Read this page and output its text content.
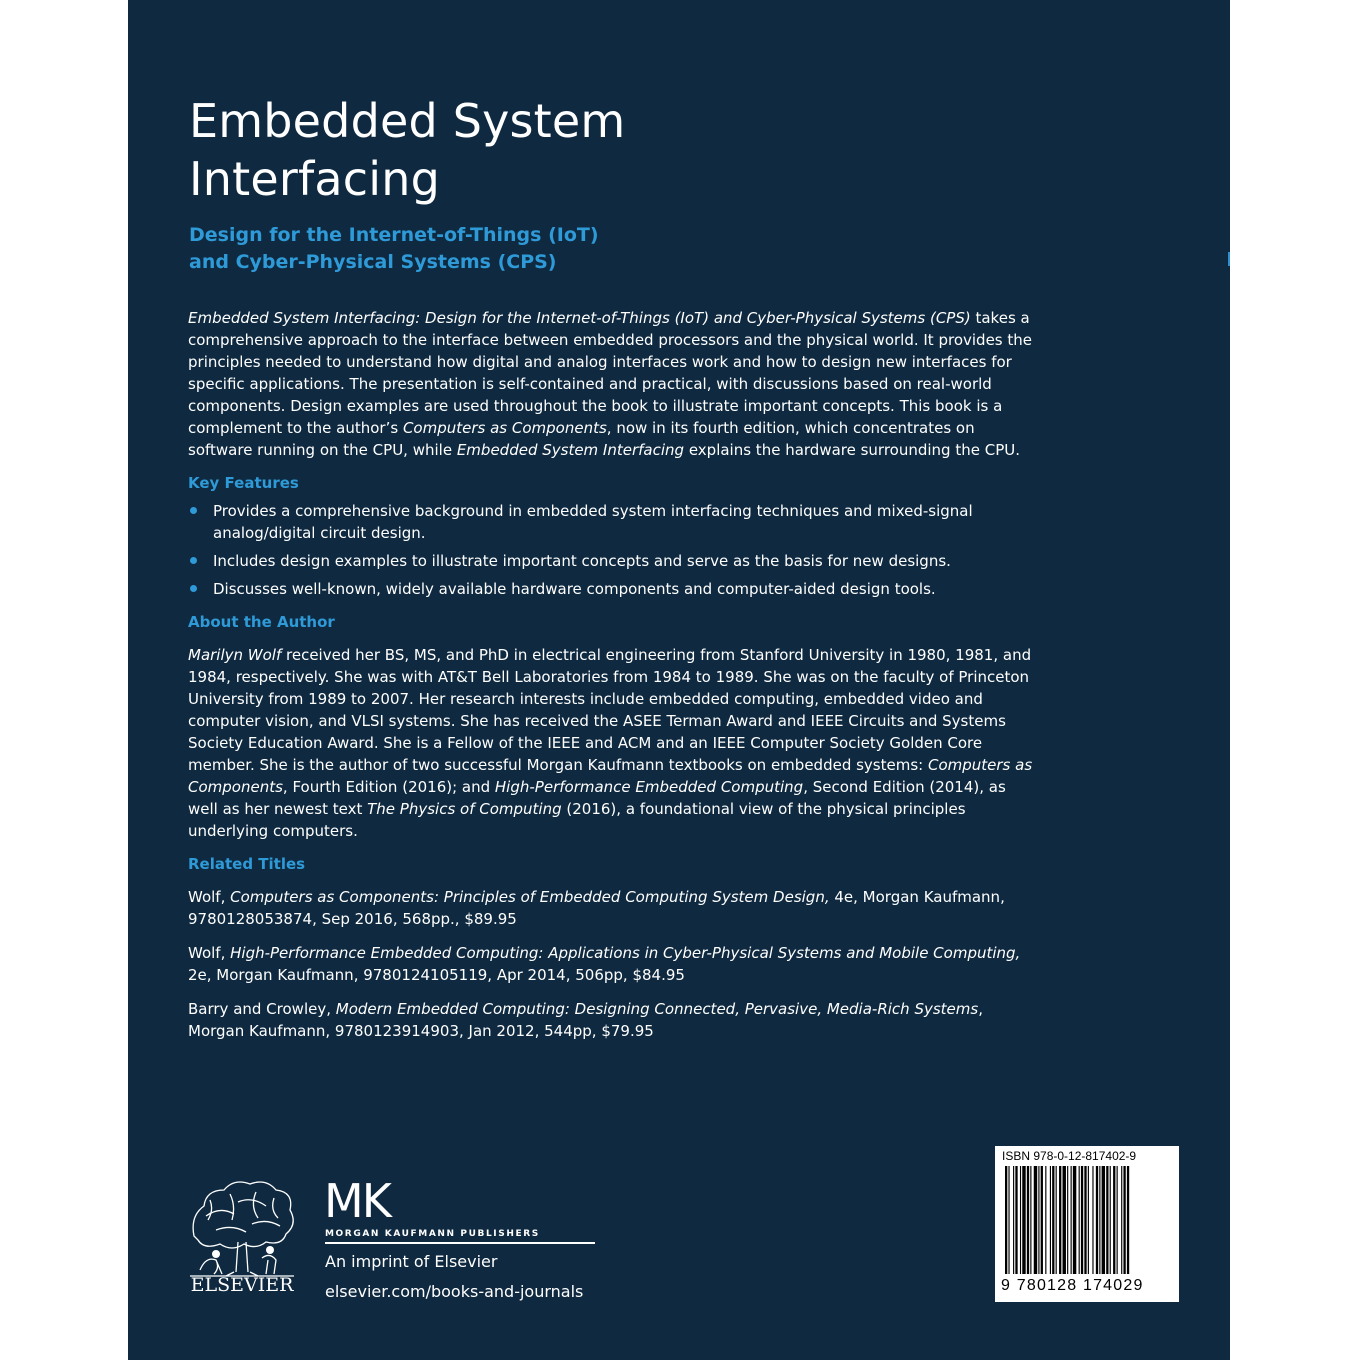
Embedded System
Interfacing
Design for the Internet-of-Things (IoT)
and Cyber-Physical Systems (CPS)

Embedded System Interfacing: Design for the Internet-of-Things (IoT) and Cyber-Physical Systems (CPS) takes a comprehensive approach to the interface between embedded processors and the physical world. It provides the principles needed to understand how digital and analog interfaces work and how to design new interfaces for specific applications. The presentation is self-contained and practical, with discussions based on real-world components. Design examples are used throughout the book to illustrate important concepts. This book is a complement to the author’s Computers as Components, now in its fourth edition, which concentrates on software running on the CPU, while Embedded System Interfacing explains the hardware surrounding the CPU.

Key Features

Provides a comprehensive background in embedded system interfacing techniques and mixed-signal analog/digital circuit design.
Includes design examples to illustrate important concepts and serve as the basis for new designs.
Discusses well-known, widely available hardware components and computer-aided design tools.

About the Author

Marilyn Wolf received her BS, MS, and PhD in electrical engineering from Stanford University in 1980, 1981, and 1984, respectively. She was with AT&T Bell Laboratories from 1984 to 1989. She was on the faculty of Princeton University from 1989 to 2007. Her research interests include embedded computing, embedded video and computer vision, and VLSI systems. She has received the ASEE Terman Award and IEEE Circuits and Systems Society Education Award. She is a Fellow of the IEEE and ACM and an IEEE Computer Society Golden Core member. She is the author of two successful Morgan Kaufmann textbooks on embedded systems: Computers as Components, Fourth Edition (2016); and High-Performance Embedded Computing, Second Edition (2014), as well as her newest text The Physics of Computing (2016), a foundational view of the physical principles underlying computers.

Related Titles

Wolf, Computers as Components: Principles of Embedded Computing System Design, 4e, Morgan Kaufmann, 9780128053874, Sep 2016, 568pp., $89.95

Wolf, High-Performance Embedded Computing: Applications in Cyber-Physical Systems and Mobile Computing, 2e, Morgan Kaufmann, 9780124105119, Apr 2014, 506pp, $84.95

Barry and Crowley, Modern Embedded Computing: Designing Connected, Pervasive, Media-Rich Systems, Morgan Kaufmann, 9780123914903, Jan 2012, 544pp, $79.95

ELSEVIER
MK
MORGAN KAUFMANN PUBLISHERS
An imprint of Elsevier
elsevier.com/books-and-journals
ISBN 978-0-12-817402-9
9 780128 174029
